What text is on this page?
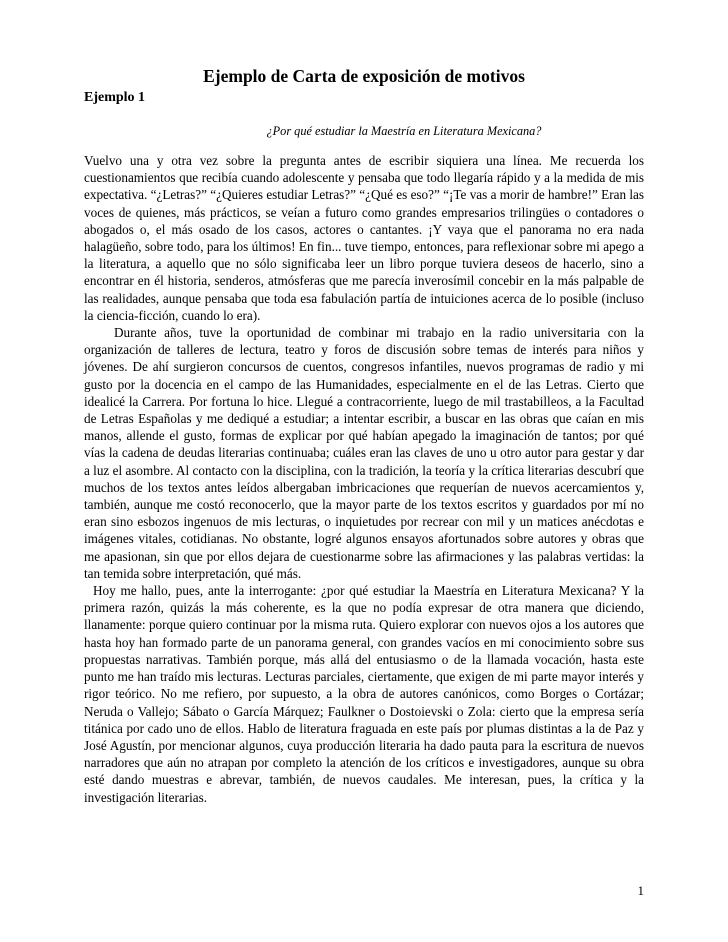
Ejemplo de Carta de exposición de motivos
Ejemplo 1
¿Por qué estudiar la Maestría en Literatura Mexicana?

Vuelvo una y otra vez sobre la pregunta antes de escribir siquiera una línea. Me recuerda los cuestionamientos que recibía cuando adolescente y pensaba que todo llegaría rápido y a la medida de mis expectativa. “¿Letras?” “¿Quieres estudiar Letras?” “¿Qué es eso?” “¡Te vas a morir de hambre!” Eran las voces de quienes, más prácticos, se veían a futuro como grandes empresarios trilingües o contadores o abogados o, el más osado de los casos, actores o cantantes. ¡Y vaya que el panorama no era nada halagüeño, sobre todo, para los últimos! En fin... tuve tiempo, entonces, para reflexionar sobre mi apego a la literatura, a aquello que no sólo significaba leer un libro porque tuviera deseos de hacerlo, sino a encontrar en él historia, senderos, atmósferas que me parecía inverosímil concebir en la más palpable de las realidades, aunque pensaba que toda esa fabulación partía de intuiciones acerca de lo posible (incluso la ciencia-ficción, cuando lo era).

Durante años, tuve la oportunidad de combinar mi trabajo en la radio universitaria con la organización de talleres de lectura, teatro y foros de discusión sobre temas de interés para niños y jóvenes. De ahí surgieron concursos de cuentos, congresos infantiles, nuevos programas de radio y mi gusto por la docencia en el campo de las Humanidades, especialmente en el de las Letras. Cierto que idealicé la Carrera. Por fortuna lo hice. Llegué a contracorriente, luego de mil trastabilleos, a la Facultad de Letras Españolas y me dediqué a estudiar; a intentar escribir, a buscar en las obras que caían en mis manos, allende el gusto, formas de explicar por qué habían apegado la imaginación de tantos; por qué vías la cadena de deudas literarias continuaba; cuáles eran las claves de uno u otro autor para gestar y dar a luz el asombre. Al contacto con la disciplina, con la tradición, la teoría y la crítica literarias descubrí que muchos de los textos antes leídos albergaban imbricaciones que requerían de nuevos acercamientos y, también, aunque me costó reconocerlo, que la mayor parte de los textos escritos y guardados por mí no eran sino esbozos ingenuos de mis lecturas, o inquietudes por recrear con mil y un matices anécdotas e imágenes vitales, cotidianas. No obstante, logré algunos ensayos afortunados sobre autores y obras que me apasionan, sin que por ellos dejara de cuestionarme sobre las afirmaciones y las palabras vertidas: la tan temida sobre interpretación, qué más.

Hoy me hallo, pues, ante la interrogante: ¿por qué estudiar la Maestría en Literatura Mexicana? Y la primera razón, quizás la más coherente, es la que no podía expresar de otra manera que diciendo, llanamente: porque quiero continuar por la misma ruta. Quiero explorar con nuevos ojos a los autores que hasta hoy han formado parte de un panorama general, con grandes vacíos en mi conocimiento sobre sus propuestas narrativas. También porque, más allá del entusiasmo o de la llamada vocación, hasta este punto me han traído mis lecturas. Lecturas parciales, ciertamente, que exigen de mi parte mayor interés y rigor teórico. No me refiero, por supuesto, a la obra de autores canónicos, como Borges o Cortázar; Neruda o Vallejo; Sábato o García Márquez; Faulkner o Dostoievski o Zola: cierto que la empresa sería titánica por cado uno de ellos. Hablo de literatura fraguada en este país por plumas distintas a la de Paz y José Agustín, por mencionar algunos, cuya producción literaria ha dado pauta para la escritura de nuevos narradores que aún no atrapan por completo la atención de los críticos e investigadores, aunque su obra esté dando muestras e abrevar, también, de nuevos caudales. Me interesan, pues, la crítica y la investigación literarias.

1
